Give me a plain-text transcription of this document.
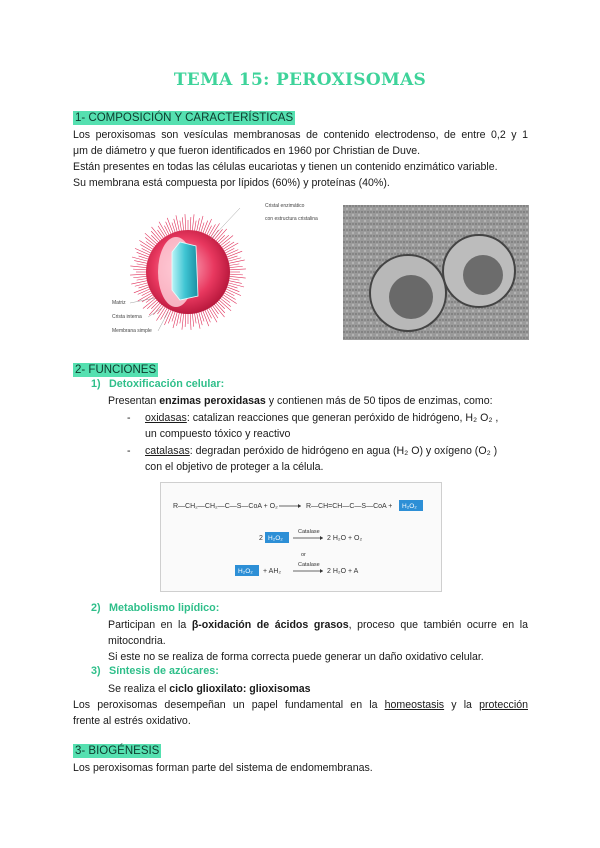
TEMA 15: PEROXISOMAS
1- COMPOSICIÓN Y CARACTERÍSTICAS
Los peroxisomas son vesículas membranosas de contenido electrodenso, de entre 0,2 y 1
μm de diámetro y que fueron identificados en 1960 por Christian de Duve.
Están presentes en todas las células eucariotas y tienen un contenido enzimático variable.
Su membrana está compuesta por lípidos (60%) y proteínas (40%).
Cristal enzimático
con estructura cristalina
Matriz
Crista interna
Membrana simple
2- FUNCIONES
1) Detoxificación celular:
Presentan enzimas peroxidasas y contienen más de 50 tipos de enzimas, como:
- oxidasas: catalizan reacciones que generan peróxido de hidrógeno, H₂ O₂ ,
un compuesto tóxico y reactivo
- catalasas: degradan peróxido de hidrógeno en agua (H₂ O) y oxígeno (O₂ )
con el objetivo de proteger a la célula.
R—CH₂—CH₂—C—S—CoA + O₂	R—CH=CH—C—S—CoA + H₂O₂
2 H₂O₂
Catalase
2 H₂O + O₂
or
H₂O₂ + AH₂
Catalase
2 H₂O + A
2) Metabolismo lipídico:
Participan en la β-oxidación de ácidos grasos, proceso que también ocurre en la
mitocondria.
Si este no se realiza de forma correcta puede generar un daño oxidativo celular.
3) Síntesis de azúcares:
Se realiza el ciclo glioxilato: glioxisomas
Los peroxisomas desempeñan un papel fundamental en la homeostasis y la protección
frente al estrés oxidativo.
3- BIOGÉNESIS
Los peroxisomas forman parte del sistema de endomembranas.
